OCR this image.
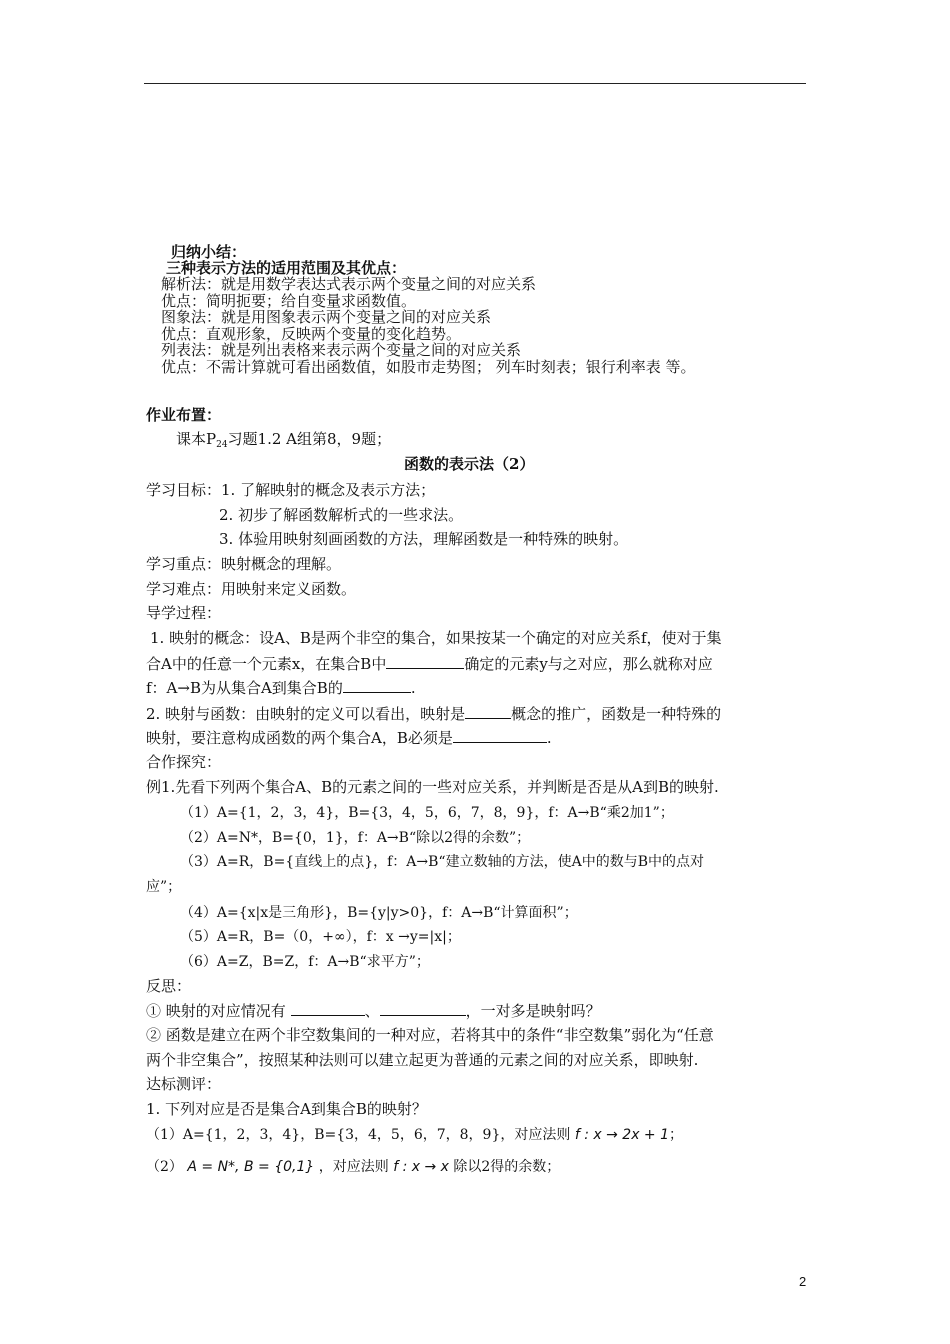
归纳小结：
三种表示方法的适用范围及其优点：
解析法：就是用数学表达式表示两个变量之间的对应关系
优点：简明扼要；给自变量求函数值。
图象法：就是用图象表示两个变量之间的对应关系
优点：直观形象，反映两个变量的变化趋势。
列表法：就是列出表格来表示两个变量之间的对应关系
优点：不需计算就可看出函数值，如股市走势图； 列车时刻表；银行利率表 等。
作业布置：
课本$P_{24}$习题1.2 A组第8，9题；
函数的表示法（2）
学习目标：1. 了解映射的概念及表示方法；
2. 初步了解函数解析式的一些求法。
3. 体验用映射刻画函数的方法，理解函数是一种特殊的映射。
学习重点：映射概念的理解。
学习难点：用映射来定义函数。
导学过程：
1. 映射的概念：设A、B是两个非空的集合，如果按某一个确定的对应关系f，使对于集
合A中的任意一个元素x，在集合B中	确定的元素y与之对应，那么就称对应
f：A→B为从集合A到集合B的	.
2. 映射与函数：由映射的定义可以看出，映射是	概念的推广，函数是一种特殊的
映射，要注意构成函数的两个集合A，B必须是	.
合作探究：
例1.先看下列两个集合A、B的元素之间的一些对应关系，并判断是否是从A到B的映射.
（1）A={1，2，3，4}，B={3，4，5，6，7，8，9}，f：A→B“乘2加1”；
（2）A=N*，B={0，1}，f：A→B“除以2得的余数”；
（3）A=R，B={直线上的点}，f：A→B“建立数轴的方法，使A中的数与B中的点对
应”；
（4）A={x|x是三角形}，B={y|y>0}，f：A→B“计算面积”；
（5）A=R，B=（0，+∞），f：x →y=|x|；
（6）A=Z，B=Z，f：A→B“求平方”；
反思：
① 映射的对应情况有	、	，一对多是映射吗？
② 函数是建立在两个非空数集间的一种对应，若将其中的条件“非空数集”弱化为“任意
两个非空集合”，按照某种法则可以建立起更为普通的元素之间的对应关系，即映射.
达标测评：
1. 下列对应是否是集合A到集合B的映射？
（1）A={1，2，3，4}，B={3，4，5，6，7，8，9}，对应法则 f : x → 2x + 1；
（2） A = N*, B = {0,1} ，对应法则 f : x → x 除以2得的余数；
2
